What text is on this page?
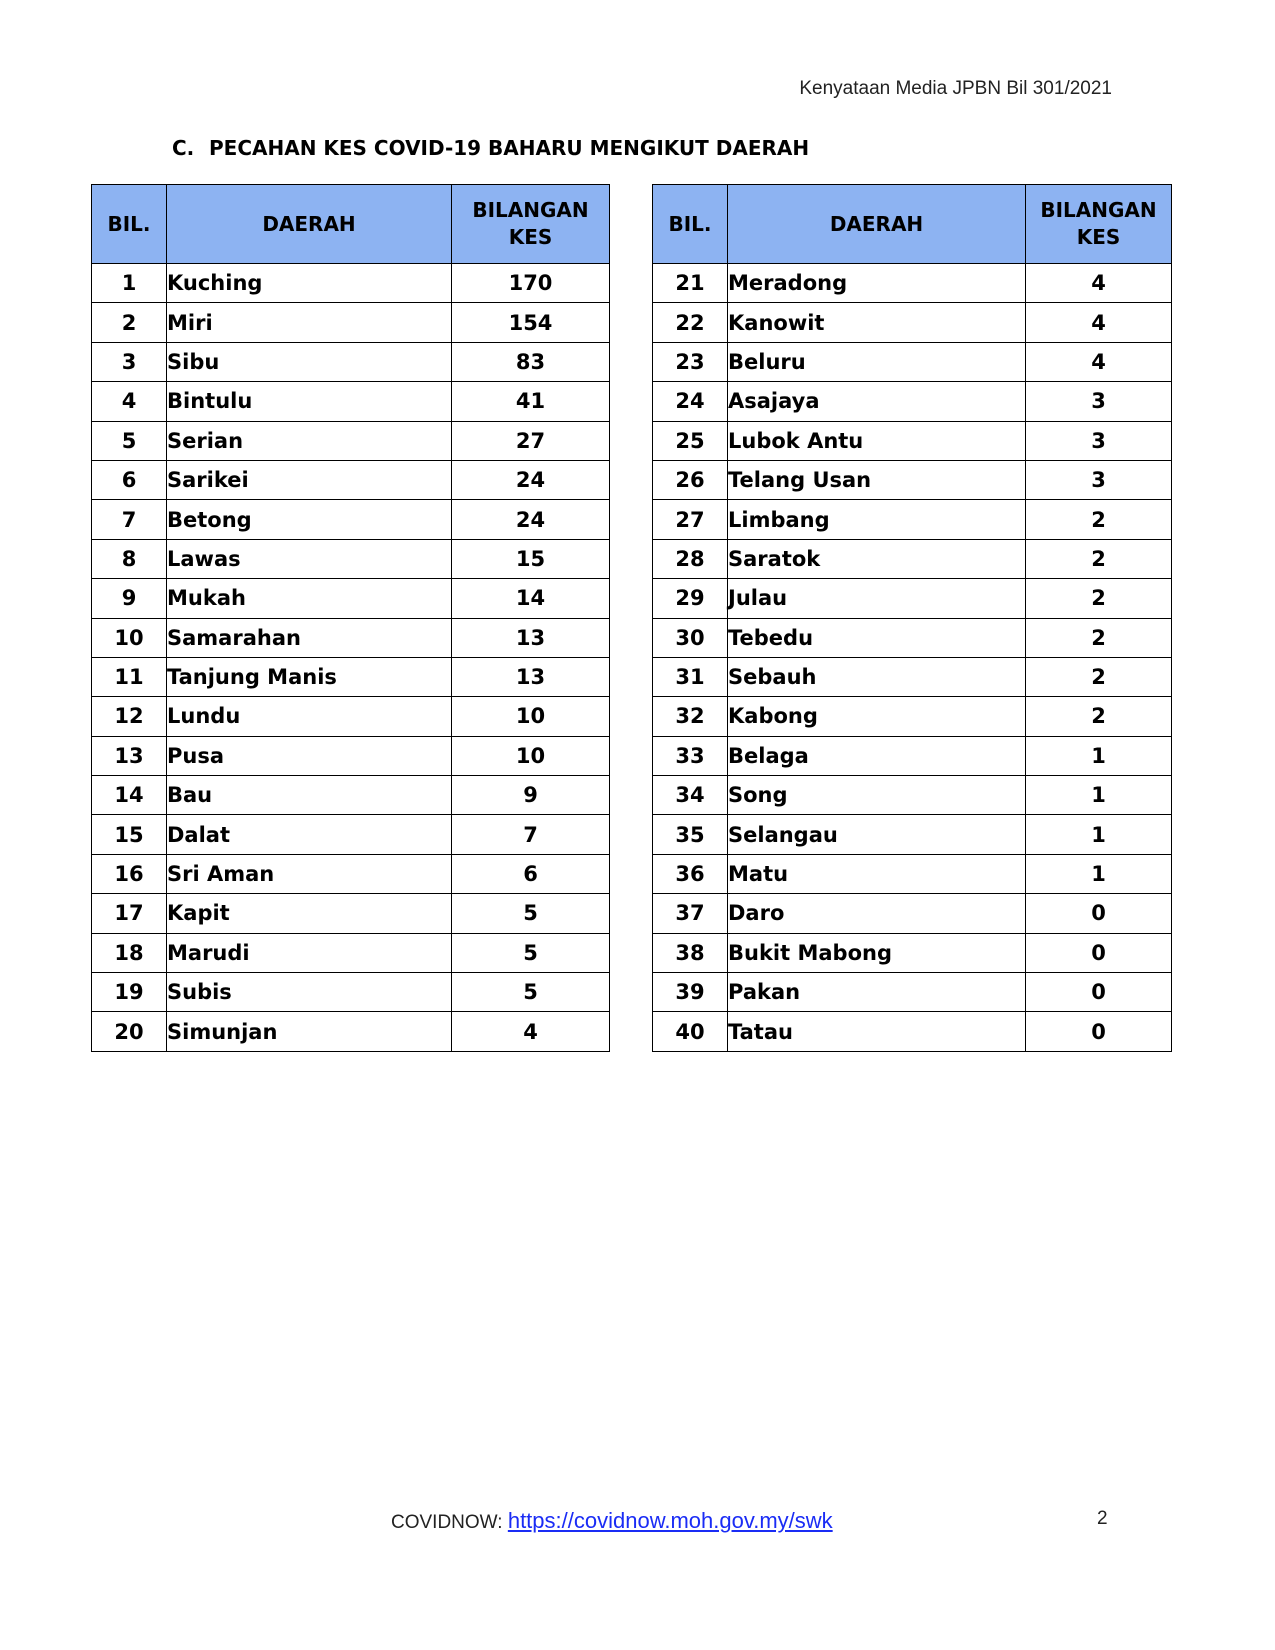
Kenyataan Media JPBN Bil 301/2021
C. PECAHAN KES COVID-19 BAHARU MENGIKUT DAERAH
BIL.	DAERAH	BILANGAN
KES
1	Kuching	170
2	Miri	154
3	Sibu	83
4	Bintulu	41
5	Serian	27
6	Sarikei	24
7	Betong	24
8	Lawas	15
9	Mukah	14
10	Samarahan	13
11	Tanjung Manis	13
12	Lundu	10
13	Pusa	10
14	Bau	9
15	Dalat	7
16	Sri Aman	6
17	Kapit	5
18	Marudi	5
19	Subis	5
20	Simunjan	4
BIL.	DAERAH	BILANGAN
KES
21	Meradong	4
22	Kanowit	4
23	Beluru	4
24	Asajaya	3
25	Lubok Antu	3
26	Telang Usan	3
27	Limbang	2
28	Saratok	2
29	Julau	2
30	Tebedu	2
31	Sebauh	2
32	Kabong	2
33	Belaga	1
34	Song	1
35	Selangau	1
36	Matu	1
37	Daro	0
38	Bukit Mabong	0
39	Pakan	0
40	Tatau	0
COVIDNOW: https://covidnow.moh.gov.my/swk	2
